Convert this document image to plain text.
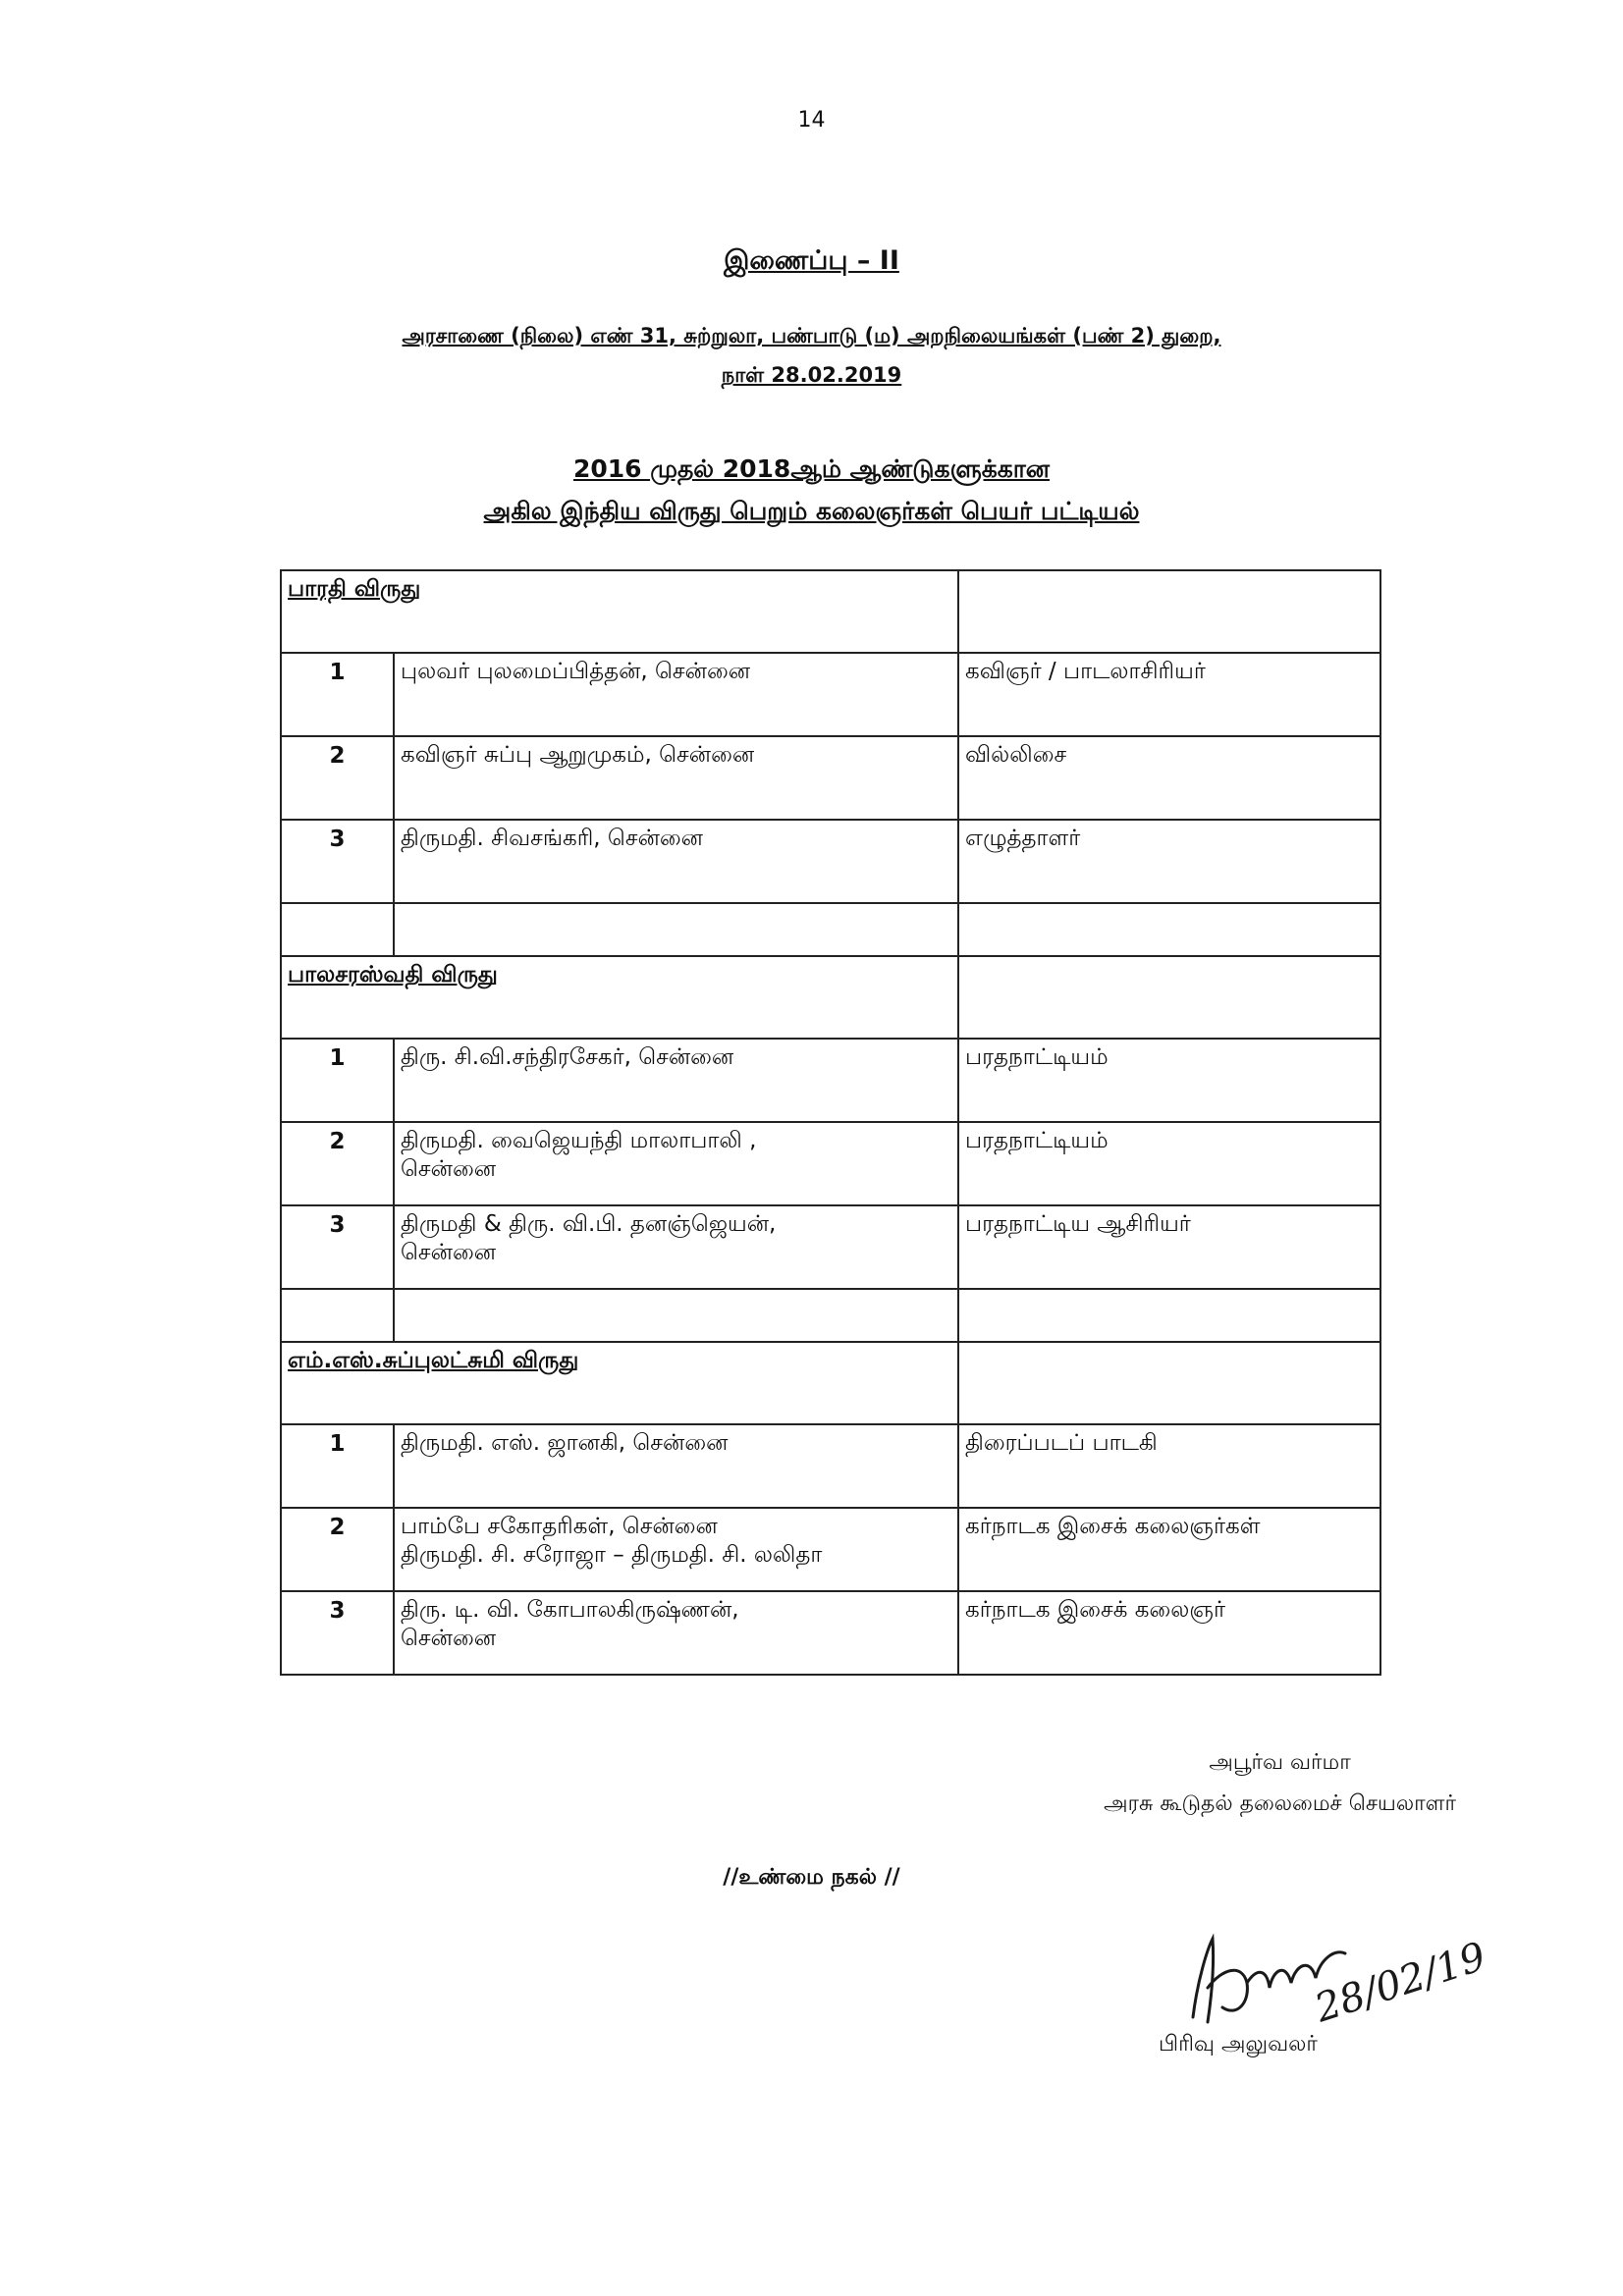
14
இணைப்பு – II
அரசாணை (நிலை) எண் 31, சுற்றுலா, பண்பாடு (ம) அறநிலையங்கள் (பண் 2) துறை,
நாள் 28.02.2019
2016 முதல் 2018ஆம் ஆண்டுகளுக்கான
அகில இந்திய விருது பெறும் கலைஞர்கள் பெயர் பட்டியல்
பாரதி விருது		
1	புலவர் புலமைப்பித்தன், சென்னை	கவிஞர் / பாடலாசிரியர்
2	கவிஞர் சுப்பு ஆறுமுகம், சென்னை	வில்லிசை
3	திருமதி. சிவசங்கரி, சென்னை	எழுத்தாளர்

பாலசரஸ்வதி விருது		
1	திரு. சி.வி.சந்திரசேகர், சென்னை	பரதநாட்டியம்
2	திருமதி. வைஜெயந்தி மாலாபாலி ,
சென்னை	பரதநாட்டியம்
3	திருமதி & திரு. வி.பி. தனஞ்ஜெயன்,
சென்னை	பரதநாட்டிய ஆசிரியர்

எம்.எஸ்.சுப்புலட்சுமி விருது		
1	திருமதி. எஸ். ஜானகி, சென்னை	திரைப்படப் பாடகி
2	பாம்பே சகோதரிகள், சென்னை
திருமதி. சி. சரோஜா – திருமதி. சி. லலிதா	கர்நாடக இசைக் கலைஞர்கள்
3	திரு. டி. வி. கோபாலகிருஷ்ணன்,
சென்னை	கர்நாடக இசைக் கலைஞர்
அபூர்வ வர்மா
அரசு கூடுதல் தலைமைச் செயலாளர்
//உண்மை நகல் //
28/02/19
பிரிவு அலுவலர்
